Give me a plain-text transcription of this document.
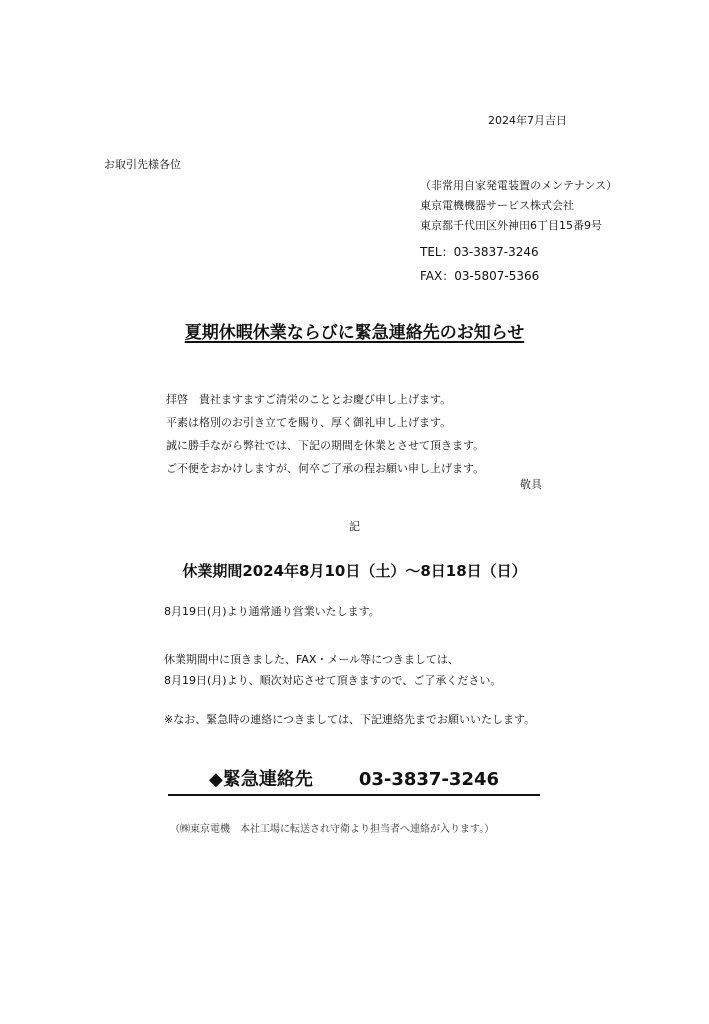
2024年7月吉日
お取引先様各位
（非常用自家発電装置のメンテナンス）
東京電機機器サービス株式会社
東京都千代田区外神田6丁目15番9号
TEL：03-3837-3246
FAX：03-5807-5366
夏期休暇休業ならびに緊急連絡先のお知らせ
拝啓　貴社ますますご清栄のこととお慶び申し上げます。
平素は格別のお引き立てを賜り、厚く御礼申し上げます。
誠に勝手ながら弊社では、下記の期間を休業とさせて頂きます。
ご不便をおかけしますが、何卒ご了承の程お願い申し上げます。
敬具
記
休業期間2024年8月10日（土）～8日18日（日）
8月19日(月)より通常通り営業いたします。
休業期間中に頂きました、FAX・メール等につきましては、
8月19日(月)より、順次対応させて頂きますので、ご了承ください。
※なお、緊急時の連絡につきましては、下記連絡先までお願いいたします。
◆緊急連絡先	03-3837-3246
（㈱東京電機　本社工場に転送され守衛より担当者へ連絡が入ります。）
